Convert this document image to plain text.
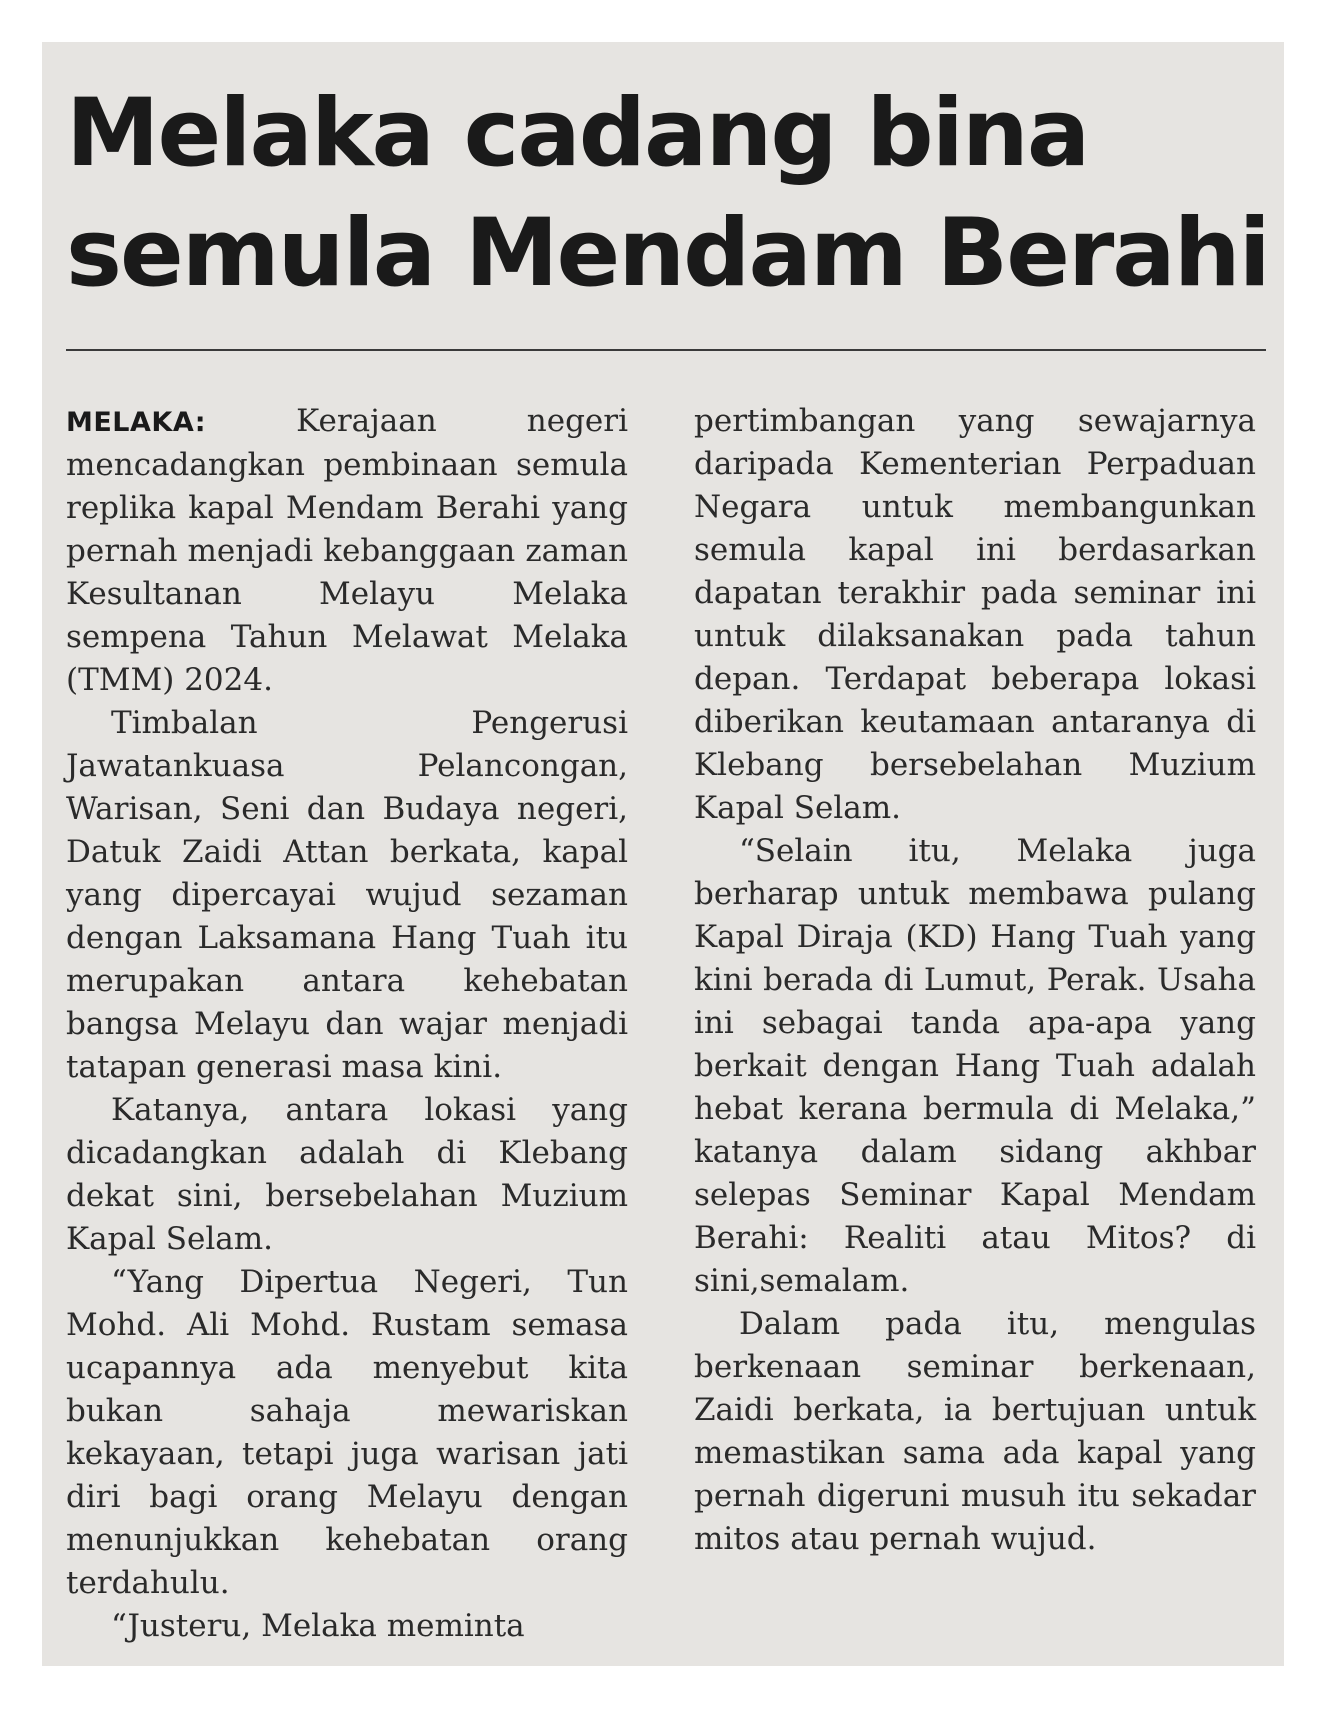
Melaka cadang bina
semula Mendam Berahi

MELAKA:	Kerajaan negeri mencadangkan pembinaan semula replika kapal Mendam Berahi yang pernah menjadi kebanggaan zaman Kesultanan Melayu Melaka sempena Tahun Melawat Melaka (TMM) 2024.

Timbalan Pengerusi Jawatankuasa Pelancongan, Warisan, Seni dan Budaya negeri, Datuk Zaidi Attan berkata, kapal yang dipercayai wujud sezaman dengan Laksamana Hang Tuah itu merupakan antara kehebatan bangsa Melayu dan wajar menjadi tatapan generasi masa kini.

Katanya, antara lokasi yang dicadangkan adalah di Klebang dekat sini, bersebelahan Muzium Kapal Selam.

“Yang Dipertua Negeri, Tun Mohd. Ali Mohd. Rustam semasa ucapannya ada menyebut kita bukan sahaja mewariskan kekayaan, tetapi juga warisan jati diri bagi orang Melayu dengan menunjukkan kehebatan orang terdahulu.

“Justeru, Melaka meminta

pertimbangan yang sewajarnya daripada Kementerian Perpaduan Negara untuk membangunkan semula kapal ini berdasarkan dapatan terakhir pada seminar ini untuk dilaksanakan pada tahun depan. Terdapat beberapa lokasi diberikan keutamaan antaranya di Klebang bersebelahan Muzium Kapal Selam.

“Selain itu, Melaka juga berharap untuk membawa pulang Kapal Diraja (KD) Hang Tuah yang kini berada di Lumut, Perak. Usaha ini sebagai tanda apa-apa yang berkait dengan Hang Tuah adalah hebat kerana bermula di Melaka,” katanya dalam sidang akhbar selepas Seminar Kapal Mendam Berahi: Realiti atau Mitos? di sini,semalam.

Dalam pada itu, mengulas berkenaan seminar berkenaan, Zaidi berkata, ia bertujuan untuk memastikan sama ada kapal yang pernah digeruni musuh itu sekadar mitos atau pernah wujud.
